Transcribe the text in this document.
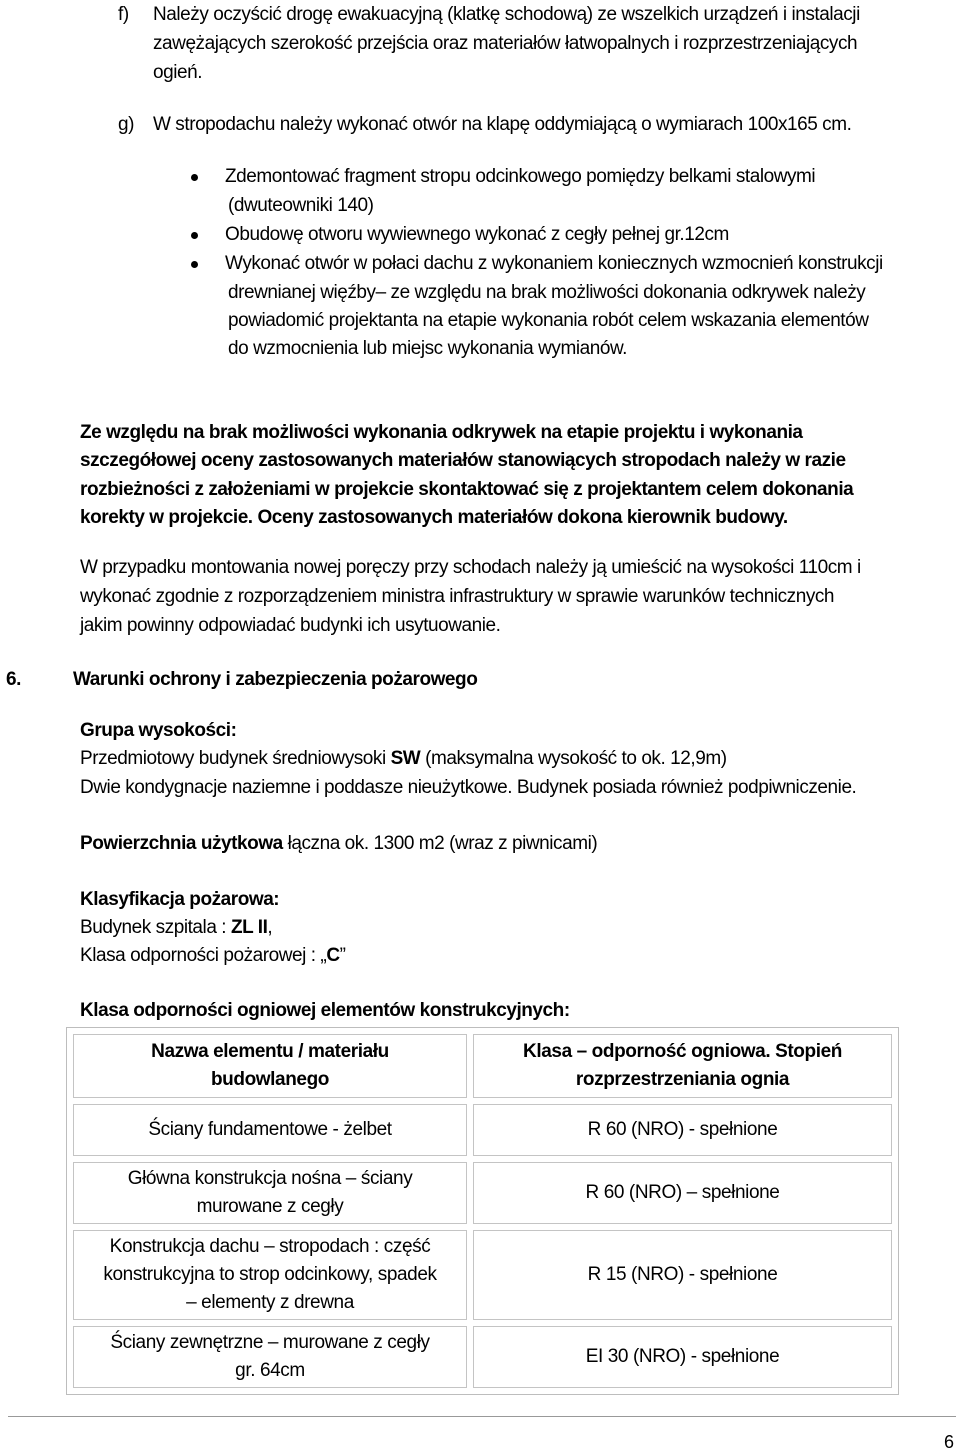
f) Należy oczyścić drogę ewakuacyjną (klatkę schodową) ze wszelkich urządzeń i instalacji
zawężających szerokość przejścia oraz materiałów łatwopalnych i rozprzestrzeniających
ogień.
g) W stropodachu należy wykonać otwór na klapę oddymiającą o wymiarach 100x165 cm.
Zdemontować fragment stropu odcinkowego pomiędzy belkami stalowymi
(dwuteowniki 140)
Obudowę otworu wywiewnego wykonać z cegły pełnej gr.12cm
Wykonać otwór w połaci dachu z wykonaniem koniecznych wzmocnień konstrukcji
drewnianej więźby– ze względu na brak możliwości dokonania odkrywek należy
powiadomić projektanta na etapie wykonania robót celem wskazania elementów
do wzmocnienia lub miejsc wykonania wymianów.
Ze względu na brak możliwości wykonania odkrywek na etapie projektu i wykonania
szczegółowej oceny zastosowanych materiałów stanowiących stropodach należy w razie
rozbieżności z założeniami w projekcie skontaktować się z projektantem celem dokonania
korekty w projekcie. Oceny zastosowanych materiałów dokona kierownik budowy.
W przypadku montowania nowej poręczy przy schodach należy ją umieścić na wysokości 110cm i
wykonać zgodnie z rozporządzeniem ministra infrastruktury w sprawie warunków technicznych
jakim powinny odpowiadać budynki ich usytuowanie.
6.	Warunki ochrony i zabezpieczenia pożarowego
Grupa wysokości:
Przedmiotowy budynek średniowysoki SW (maksymalna wysokość to ok. 12,9m)
Dwie kondygnacje naziemne i poddasze nieużytkowe. Budynek posiada również podpiwniczenie.
Powierzchnia użytkowa łączna ok. 1300 m2 (wraz z piwnicami)
Klasyfikacja pożarowa:
Budynek szpitala : ZL II,
Klasa odporności pożarowej : „C”
Klasa odporności ogniowej elementów konstrukcyjnych:
Nazwa elementu / materiału
budowlanego	Klasa – odporność ogniowa. Stopień
rozprzestrzeniania ognia
Ściany fundamentowe - żelbet	R 60 (NRO) - spełnione
Główna konstrukcja nośna – ściany
murowane z cegły	R 60 (NRO) – spełnione
Konstrukcja dachu – stropodach : część
konstrukcyjna to strop odcinkowy, spadek
– elementy z drewna	R 15 (NRO) - spełnione
Ściany zewnętrzne – murowane z cegły
gr. 64cm	EI 30 (NRO) - spełnione
6
